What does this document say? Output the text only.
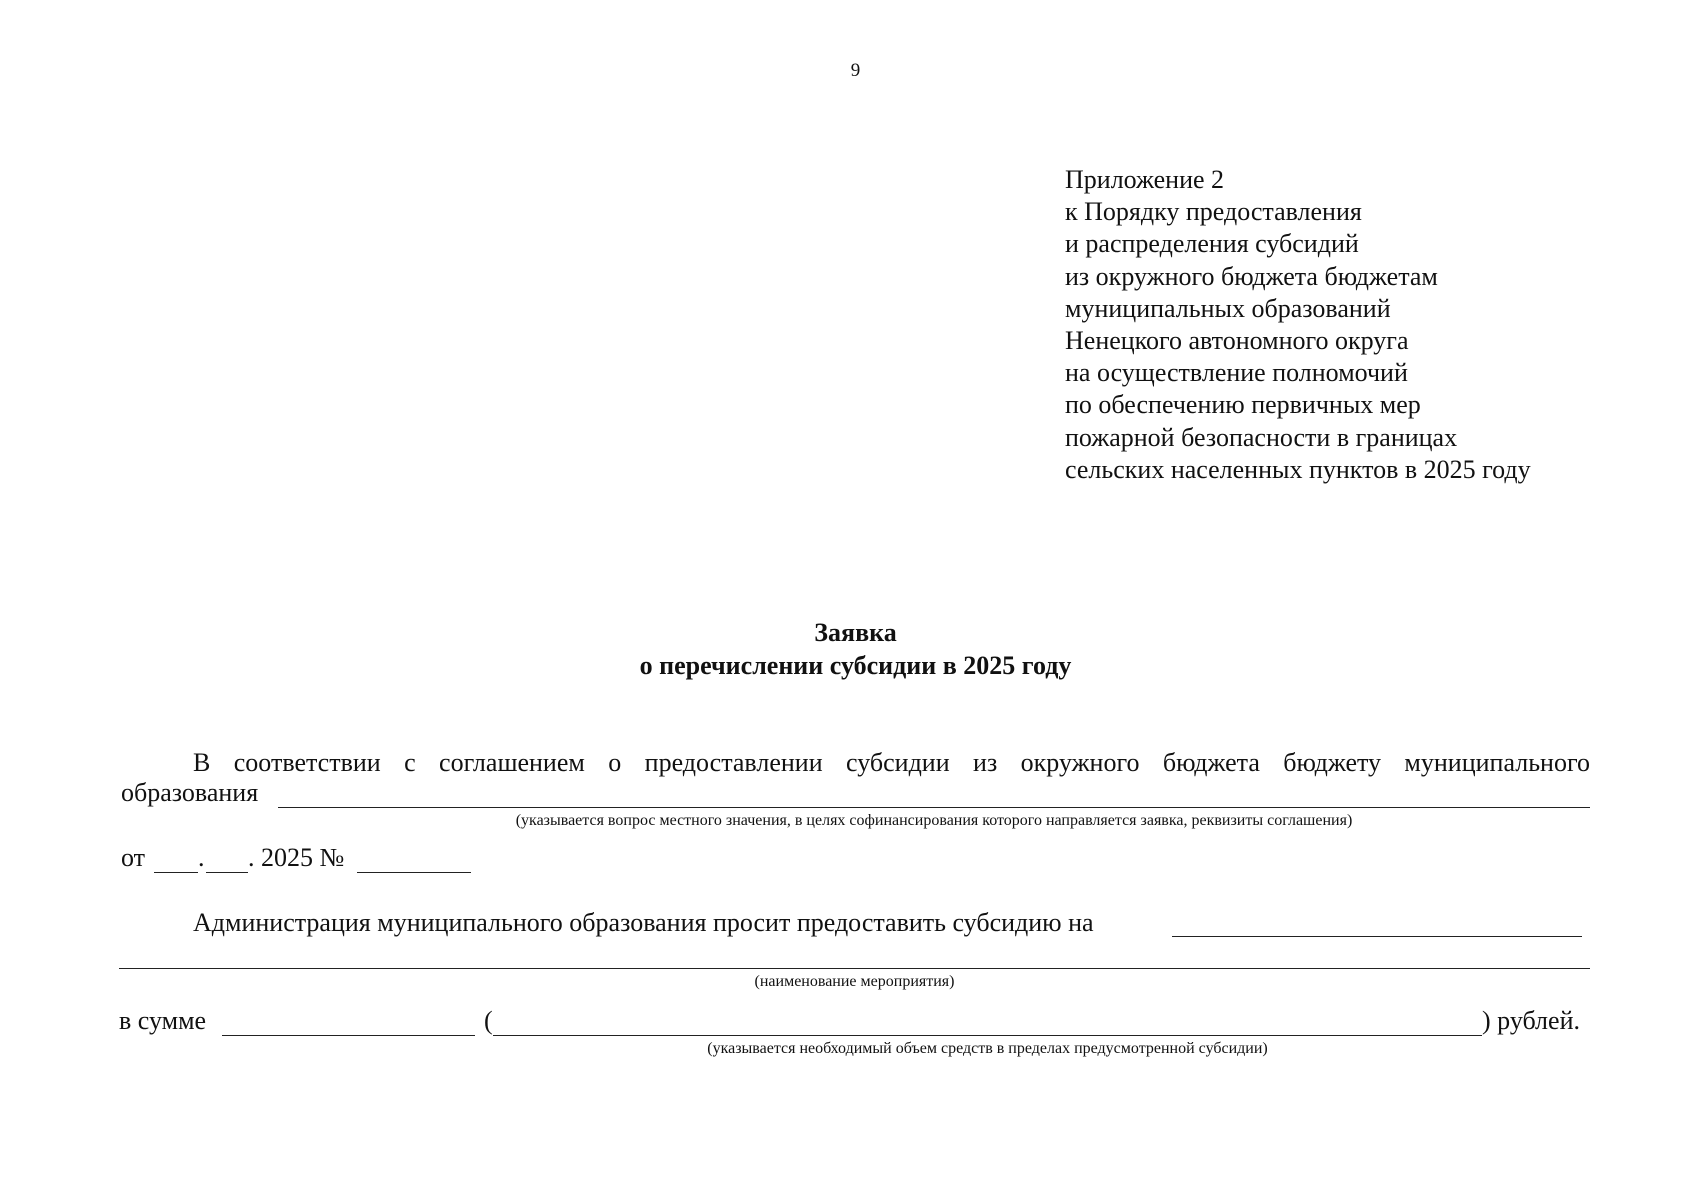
9
Приложение 2
к Порядку предоставления
и распределения субсидий
из окружного бюджета бюджетам
муниципальных образований
Ненецкого автономного округа
на осуществление полномочий
по обеспечению первичных мер
пожарной безопасности в границах
сельских населенных пунктов в 2025 году
Заявка
о перечислении субсидии в 2025 году
В соответствии с соглашением о предоставлении субсидии из окружного бюджета бюджету муниципального
образования
(указывается вопрос местного значения, в целях софинансирования которого направляется заявка, реквизиты соглашения)
от . . 2025 №
Администрация муниципального образования просит предоставить субсидию на
(наименование мероприятия)
в сумме	(	) рублей.
(указывается необходимый объем средств в пределах предусмотренной субсидии)
